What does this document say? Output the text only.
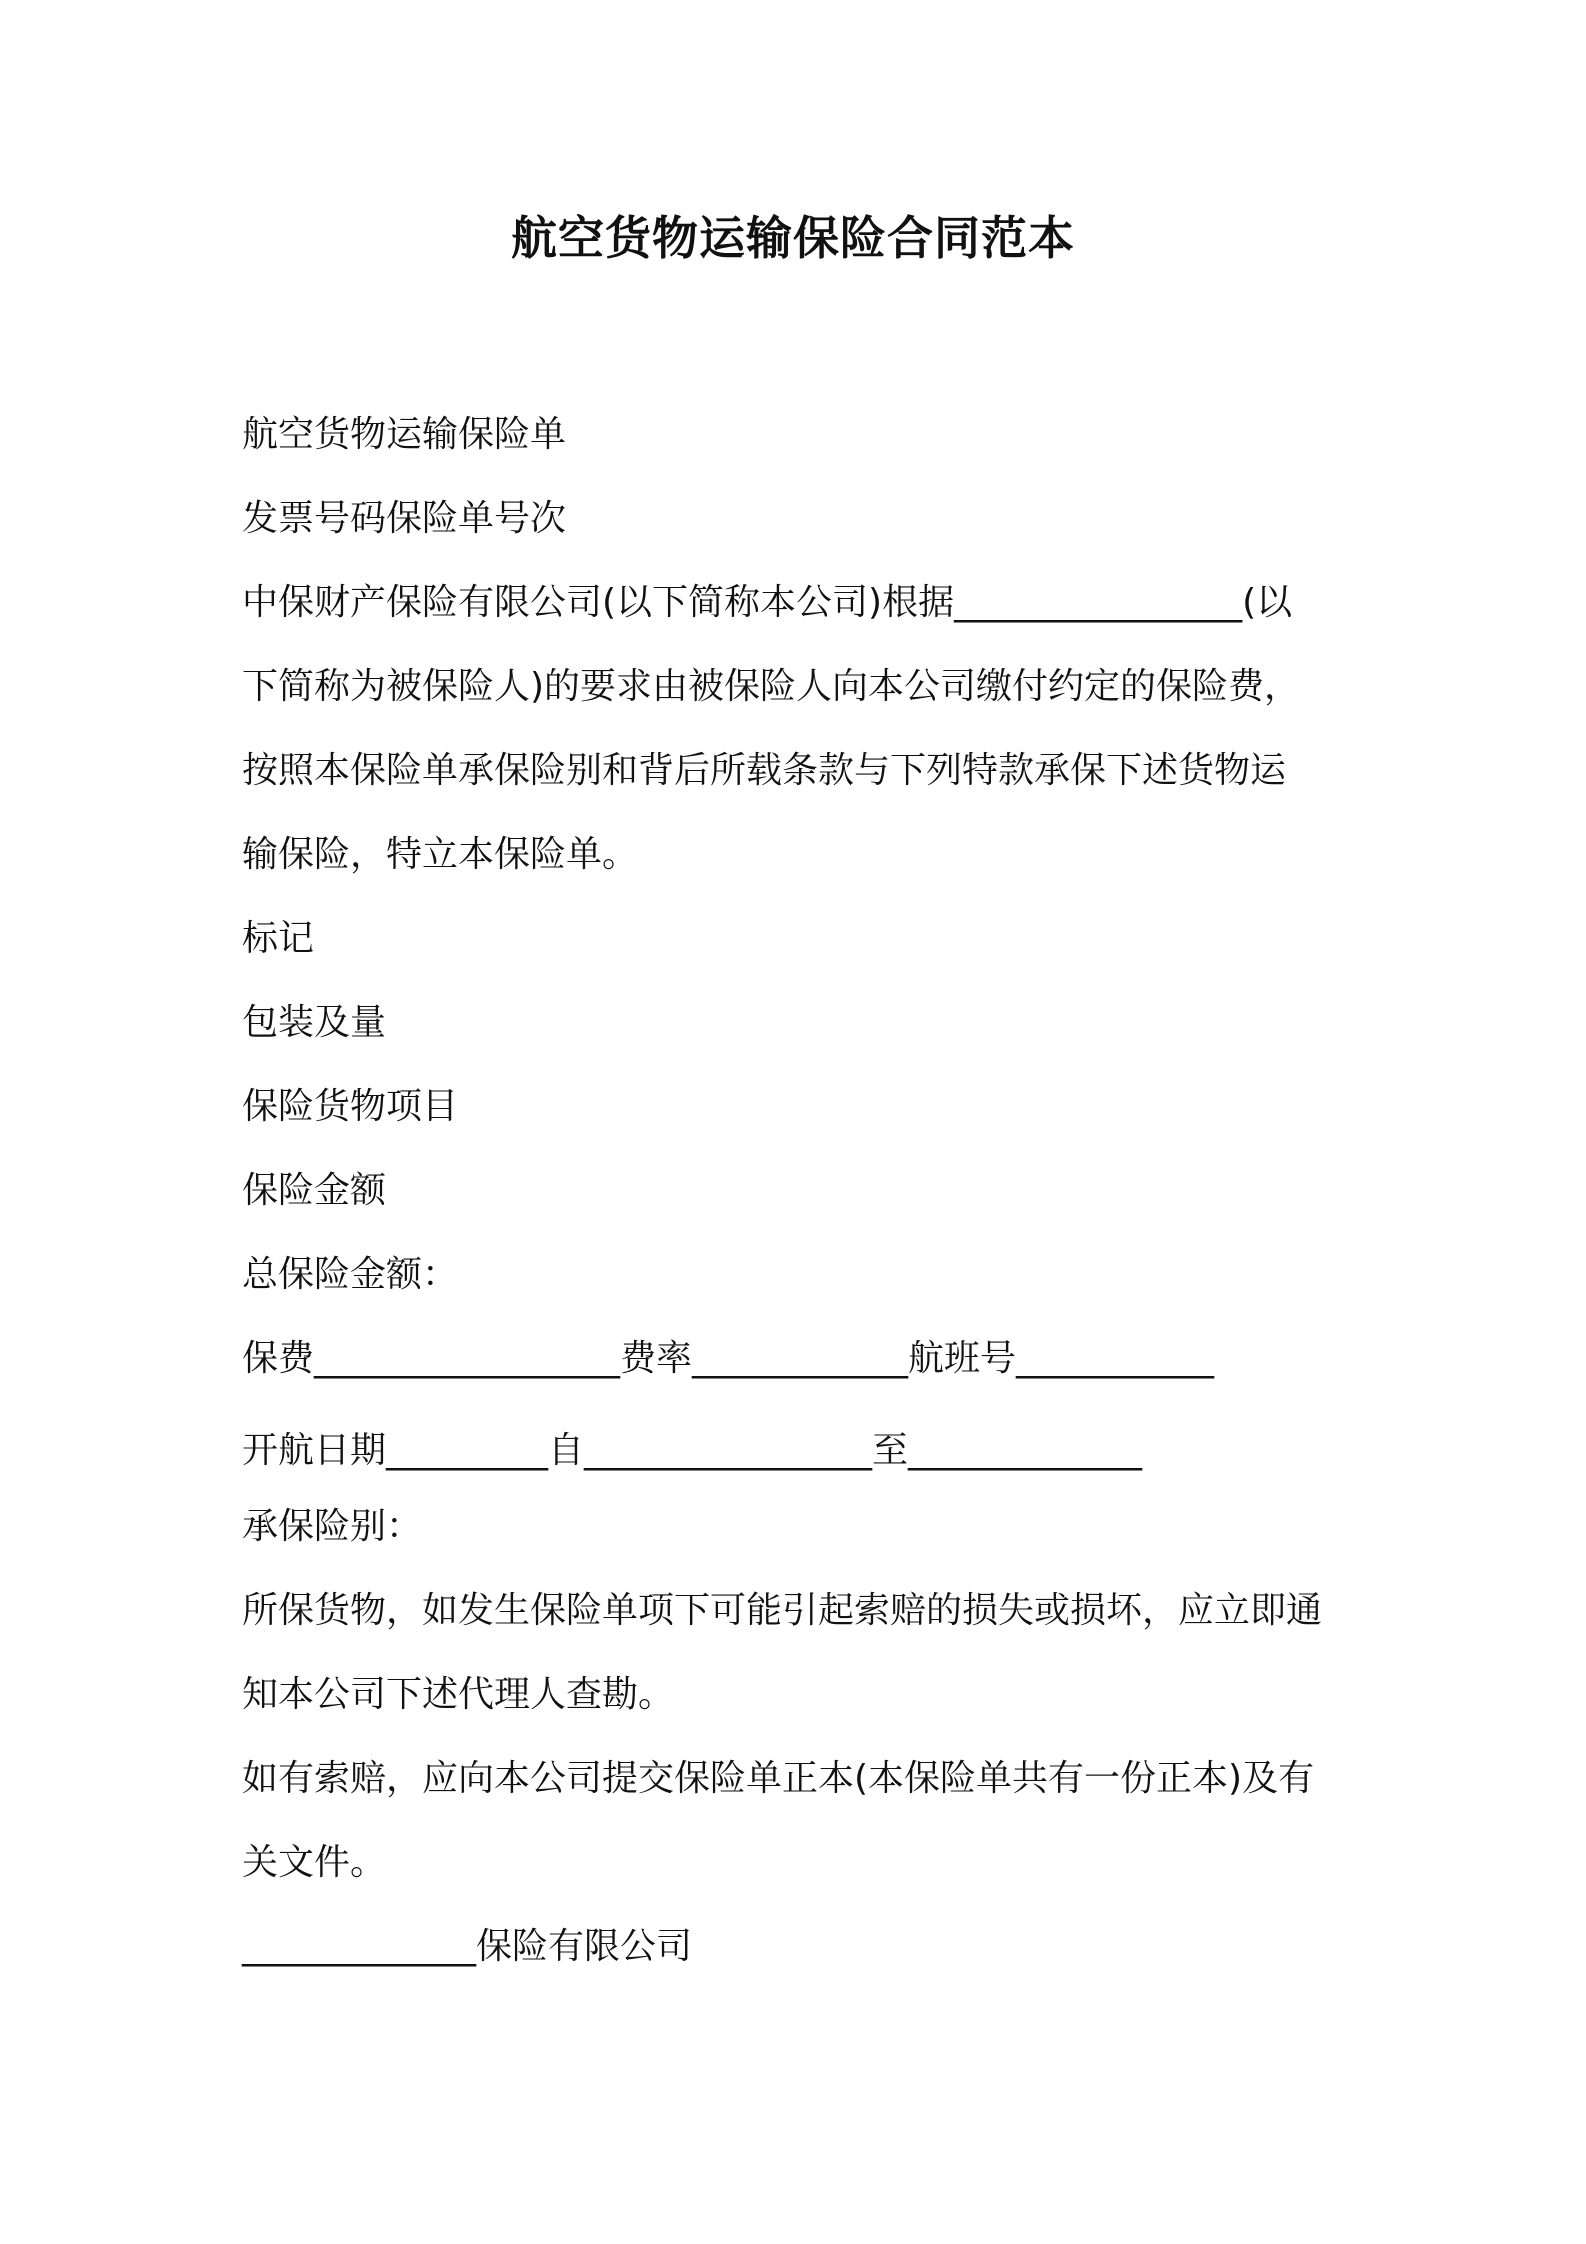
航空货物运输保险合同范本
航空货物运输保险单
发票号码保险单号次
中保财产保险有限公司(以下简称本公司)根据________________(以
下简称为被保险人)的要求由被保险人向本公司缴付约定的保险费，
按照本保险单承保险别和背后所载条款与下列特款承保下述货物运
输保险，特立本保险单。
标记
包装及量
保险货物项目
保险金额
总保险金额：
保费_________________费率____________航班号___________
开航日期_________自________________至_____________
承保险别：
所保货物，如发生保险单项下可能引起索赔的损失或损坏，应立即通
知本公司下述代理人查勘。
如有索赔，应向本公司提交保险单正本(本保险单共有一份正本)及有
关文件。
_____________保险有限公司
